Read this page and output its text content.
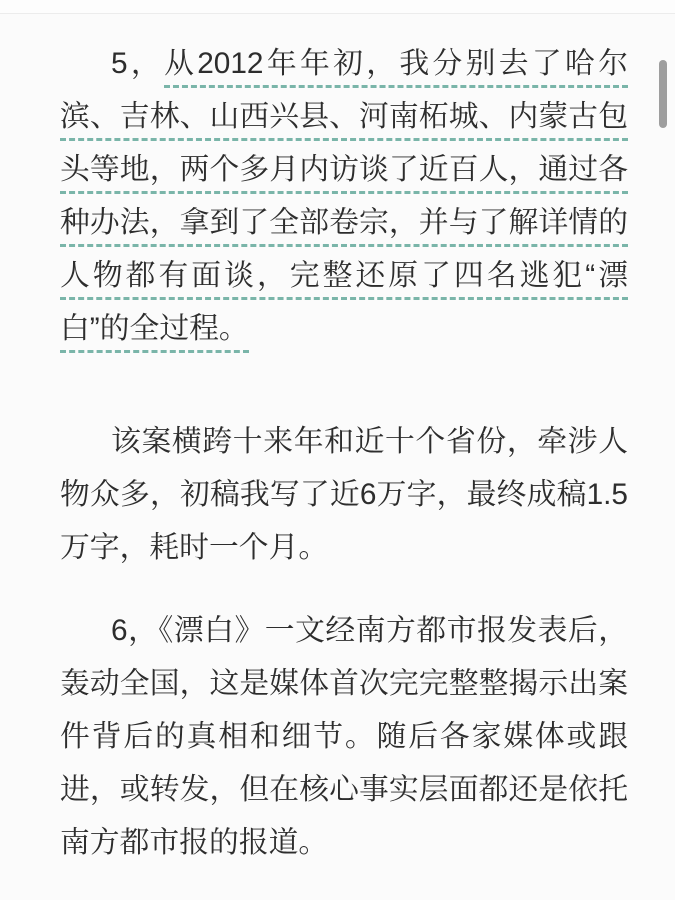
5，从2012年年初，我分别去了哈尔滨、吉林、山西兴县、河南柘城、内蒙古包头等地，两个多月内访谈了近百人，通过各种办法，拿到了全部卷宗，并与了解详情的人物都有面谈，完整还原了四名逃犯“漂白”的全过程。

该案横跨十来年和近十个省份，牵涉人物众多，初稿我写了近6万字，最终成稿1.5万字，耗时一个月。

6，《漂白》一文经南方都市报发表后，轰动全国，这是媒体首次完完整整揭示出案件背后的真相和细节。随后各家媒体或跟进，或转发，但在核心事实层面都还是依托南方都市报的报道。
